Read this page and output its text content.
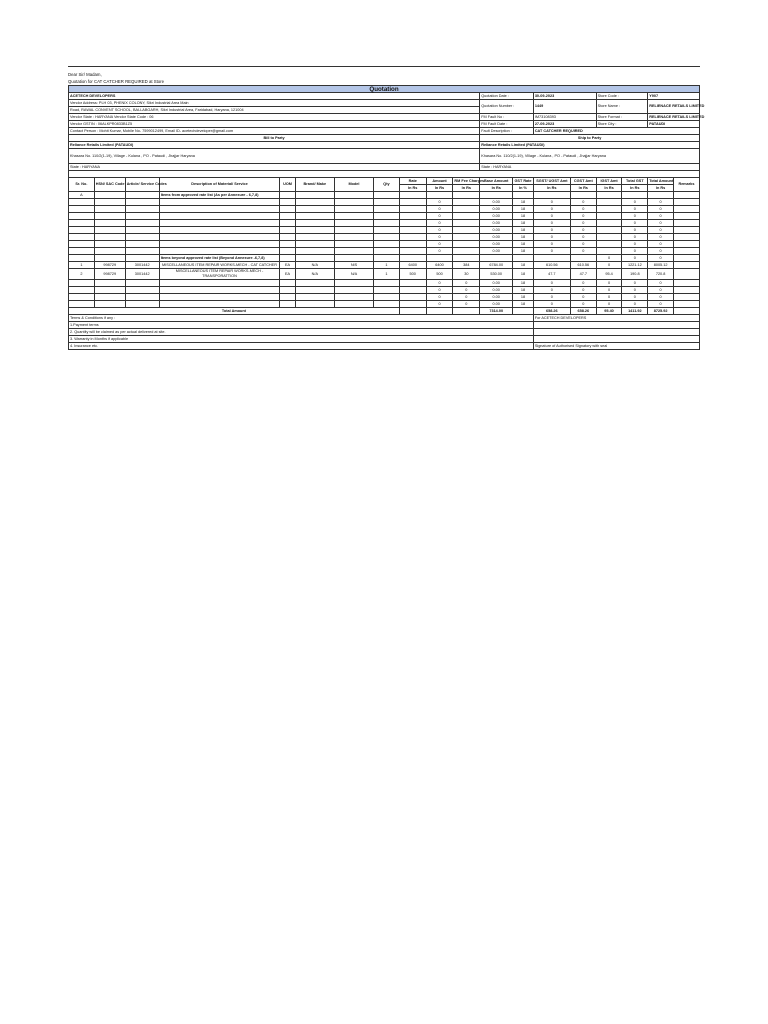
Dear Sir/ Madam,
Quotation for CAT CATCHER REQUIRED at Store
Quotation																		
ACETECH DEVELOPERS											Quotation Date :		30-09-2023		Store Code :		Y907	
Vendor Address: PLH 03, PHENIX COLONY, Sikri Industrial Area Main											Quotation Number :		1449		Store Name :		RELIENACE RETAILS LIMITED	
Road, RAWAL CONVENT SCHOOL, BALLABGARH, Sikri Industrial Area, Faridabad, Haryana, 121004																		
Vendor State : HARYANA Vendor State Code : 06											FM Fault No :		IM73108393		Store Format :		RELIENACE RETAILS LIMITED	
Vendor GSTIN : 06ALKPR0833B1Z5											FM Fault Date :		27-09-2023		Store City :		PATAUDI	
Contact Person : Mohit Kumar, Mobile No- 7599012499, Email ID- acetechdeveloper@gmail.com											Fault Description :		CAT CATCHER REQUIRED					
Bill to Party											Ship to Party							
Reliance Retails Limited (PATAUDI)											Reliance Retails Limited (PATAUDI)							
Khasara No. 110/2(1-19), Village - Kulana , PO - Pataudi , Jhajjar Haryana											Khasara No. 110/2(1-19), Village - Kulana , PO - Pataudi , Jhajjar Haryana							
State : HARYANA											State : HARYANA							

Sr. No.	HSN/ SAC Code	Article/ Service Codes	Description of Material/ Service	UOM	Brand/ Make	Model	Qty	Rate	Amount	RM Fee Charges	Base Amount	GST Rate	SGST/ UGST Amt	CGST Amt	IGST Amt	Total GST	Total Amount	Remarks
								In Rs	In Rs	In Rs	In Rs	In %	In Rs	In Rs	In Rs	In Rs	In Rs	
A			Items from approved rate list (As per Annexure - 6,7,8)															
									0		0.00	18	0	0		0	0	
									0		0.00	18	0	0		0	0	
									0		0.00	18	0	0		0	0	
									0		0.00	18	0	0		0	0	
									0		0.00	18	0	0		0	0	
									0		0.00	18	0	0		0	0	
									0		0.00	18	0	0		0	0	
									0		0.00	18	0	0		0	0	
			Items beyond approved rate list (Beyond Annexure -6,7,8)												0	0	0	
1	998729	3001442	MISCELLANEOUS ITEM REPAIR WORKS-MECH - CAT CATCHER	EA	N/A	NIS	1	6400	6400	384	6784.00	18	610.56	610.56	0	1221.12	8005.12	
2	998729	3001442	MISCELLANEOUS ITEM REPAIR WORKS-MECH - TRANSPORATTION	EA	N/A	N/A	1	500	500	30	530.00	18	47.7	47.7	95.4	190.8	720.8	
									0	0	0.00	18	0	0	0	0	0	
									0	0	0.00	18	0	0	0	0	0	
									0	0	0.00	18	0	0	0	0	0	
									0	0	0.00	18	0	0	0	0	0	
Total Amount											7314.00		658.26	658.26	95.40	1411.92	8725.92	
Terms & Conditions if any :													For ACETECH DEVELOPERS					
1.Payment terms																		
2. Quantity will be claimed as per actual delivered at site.																		
3. Warranty in Months if applicable																		
4. Insurance etc.													Signature of Authorised Signatory with seal					
